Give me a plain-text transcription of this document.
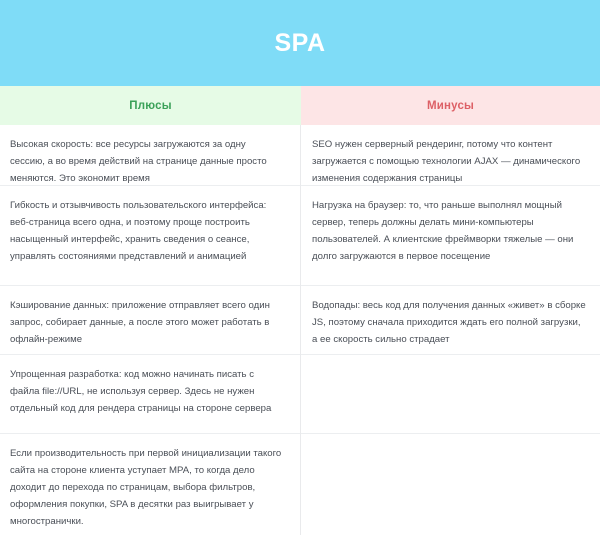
SPA
Плюсы	Минусы
Высокая скорость: все ресурсы загружаются за одну сессию, а во время действий на странице данные просто меняются. Это экономит время
Гибкость и отзывчивость пользовательского интерфейса: веб-страница всего одна, и поэтому проще построить насыщенный интерфейс, хранить сведения о сеансе, управлять состояниями представлений и анимацией
Кэширование данных: приложение отправляет всего один запрос, собирает данные, а после этого может работать в офлайн-режиме
Упрощенная разработка: код можно начинать писать с файла file://URL, не используя сервер. Здесь не нужен отдельный код для рендера страницы на стороне сервера
Если производительность при первой инициализации такого сайта на стороне клиента уступает MPA, то когда дело доходит до перехода по страницам, выбора фильтров, оформления покупки, SPA в десятки раз выигрывает у многостранички.
SEO нужен серверный рендеринг, потому что контент загружается с помощью технологии AJAX — динамического изменения содержания страницы
Нагрузка на браузер: то, что раньше выполнял мощный сервер, теперь должны делать мини-компьютеры пользователей. А клиентские фреймворки тяжелые — они долго загружаются в первое посещение
Водопады: весь код для получения данных «живет» в сборке JS, поэтому сначала приходится ждать его полной загрузки, а ее скорость сильно страдает
